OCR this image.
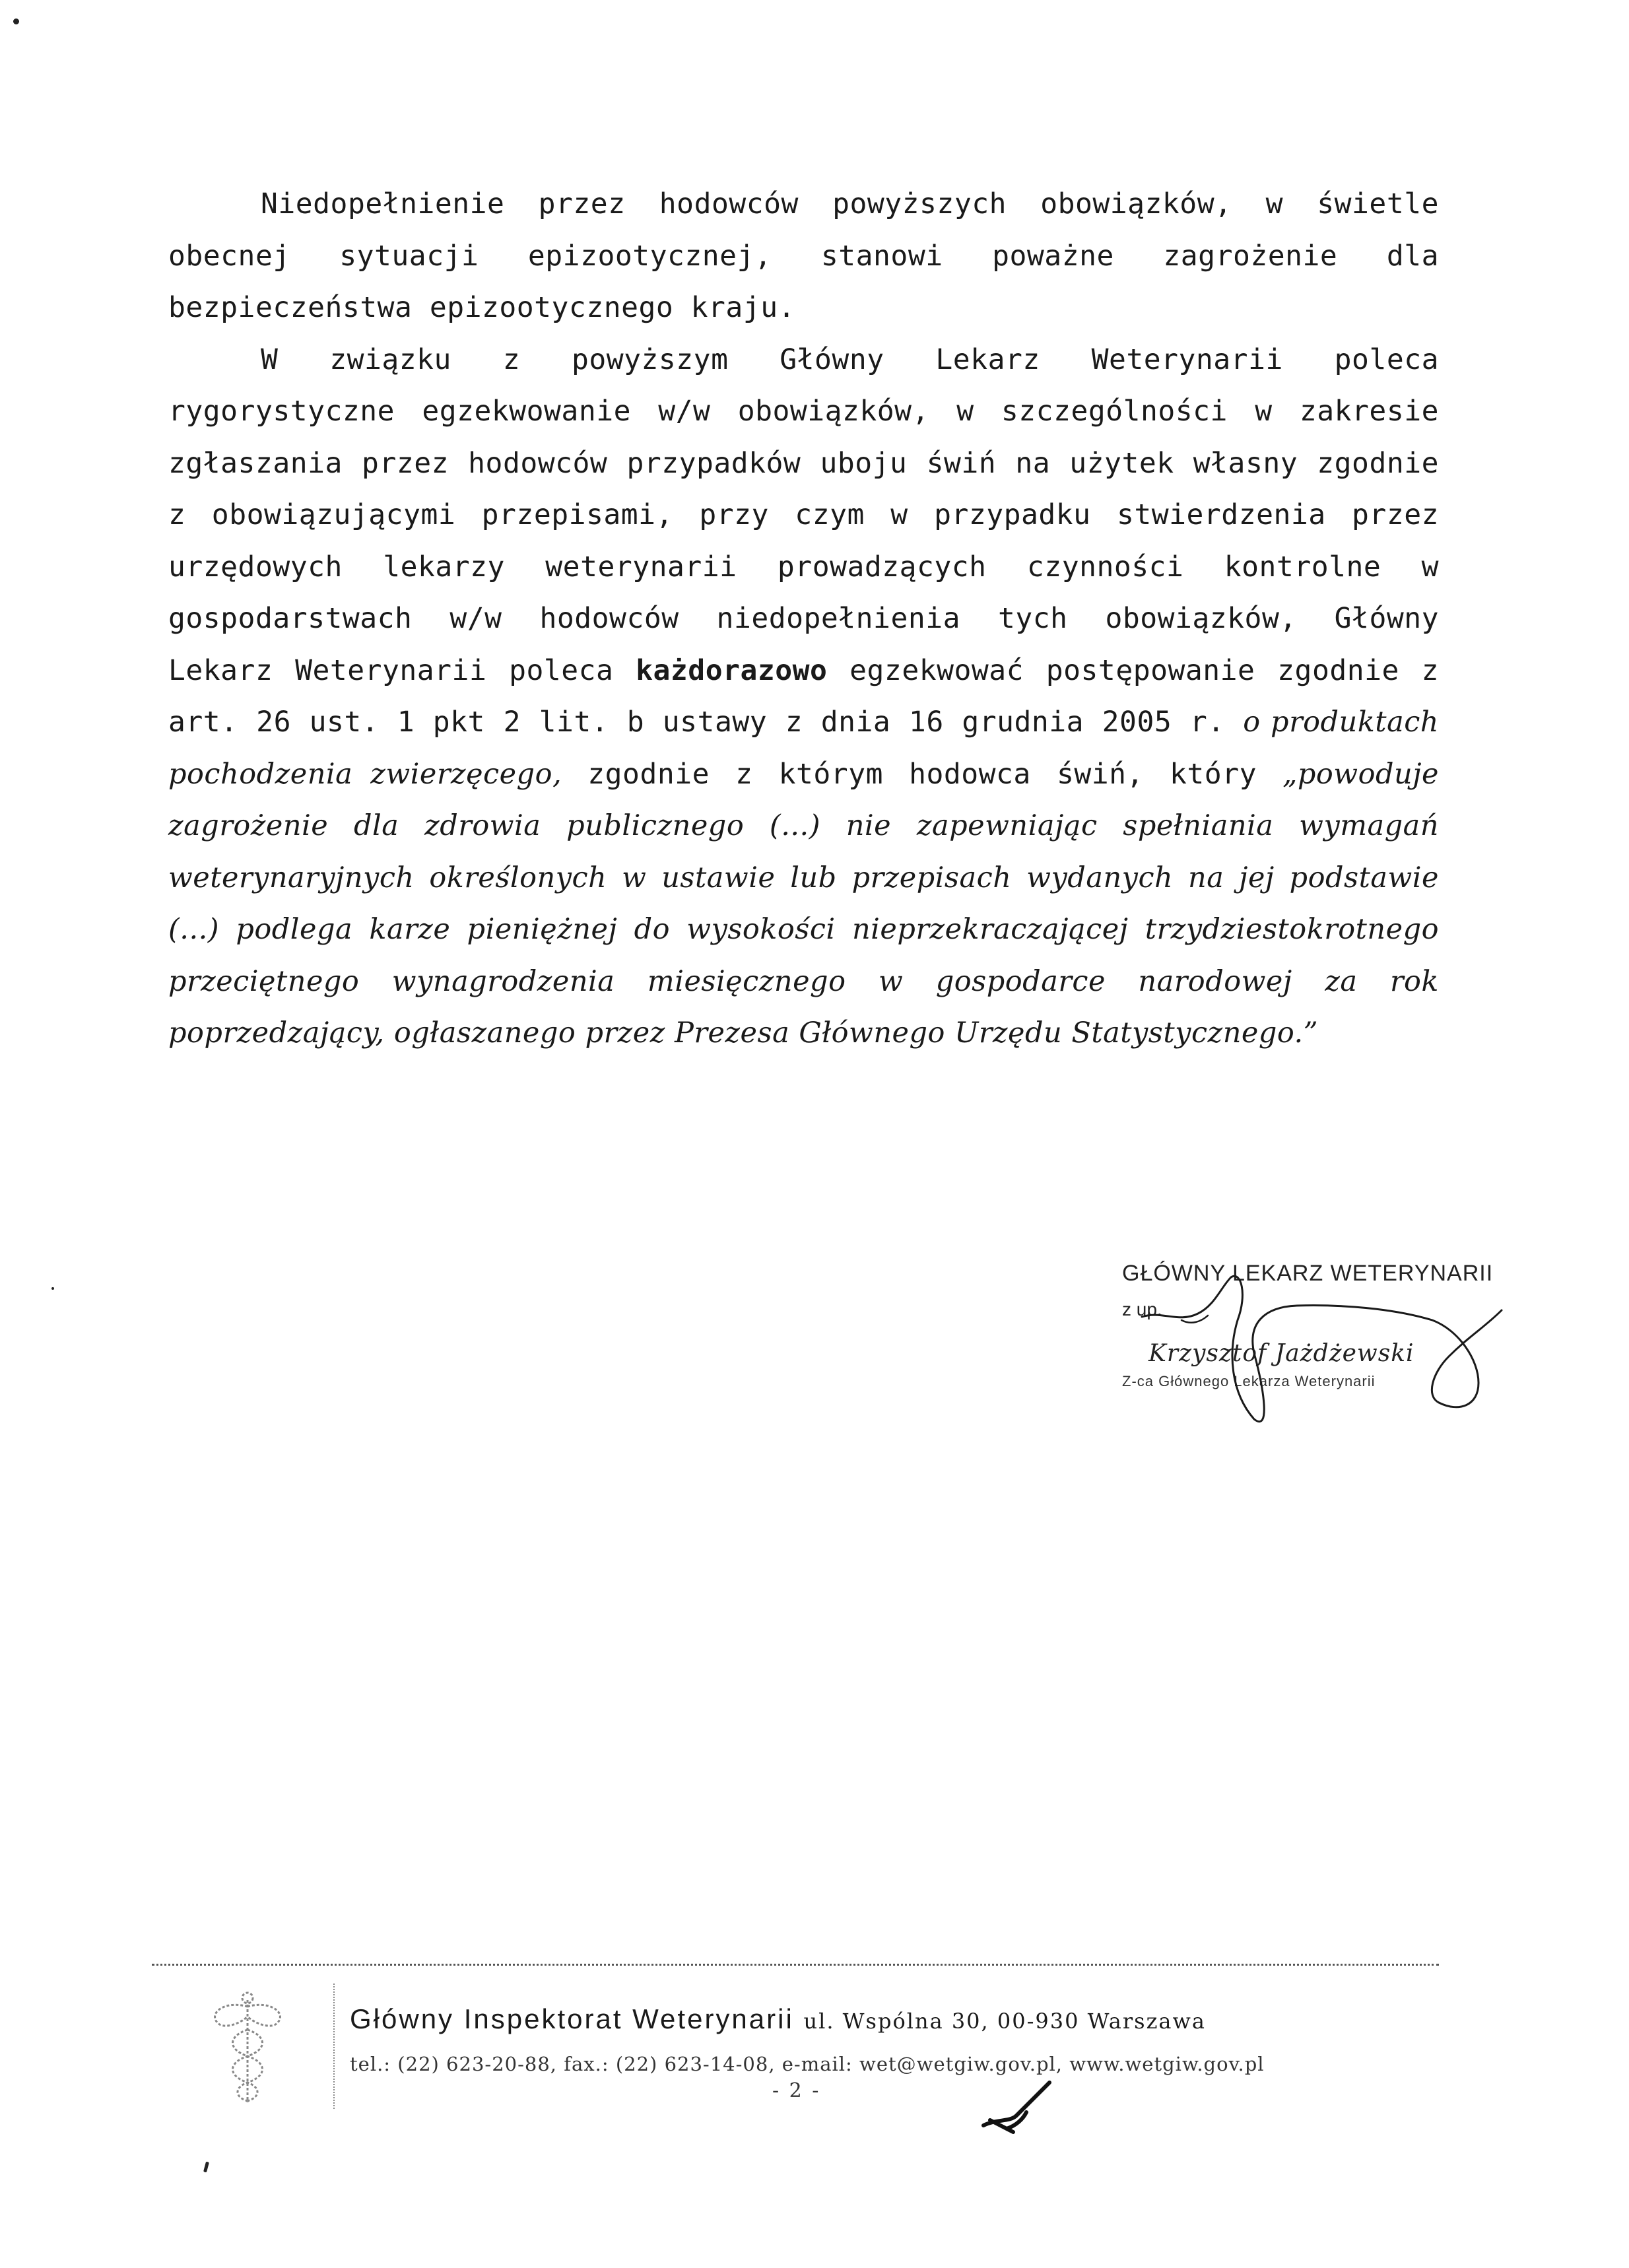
Niedopełnienie przez hodowców powyższych obowiązków, w świetle obecnej sytuacji epizootycznej, stanowi poważne zagrożenie dla bezpieczeństwa epizootycznego kraju.

W związku z powyższym Główny Lekarz Weterynarii poleca rygorystyczne egzekwowanie w/w obowiązków, w szczególności w zakresie zgłaszania przez hodowców przypadków uboju świń na użytek własny zgodnie z obowiązującymi przepisami, przy czym w przypadku stwierdzenia przez urzędowych lekarzy weterynarii prowadzących czynności kontrolne w gospodarstwach w/w hodowców niedopełnienia tych obowiązków, Główny Lekarz Weterynarii poleca każdorazowo egzekwować postępowanie zgodnie z art. 26 ust. 1 pkt 2 lit. b ustawy z dnia 16 grudnia 2005 r. o produktach pochodzenia zwierzęcego, zgodnie z którym hodowca świń, który „powoduje zagrożenie dla zdrowia publicznego (...) nie zapewniając spełniania wymagań weterynaryjnych określonych w ustawie lub przepisach wydanych na jej podstawie (...) podlega karze pieniężnej do wysokości nieprzekraczającej trzydziestokrotnego przeciętnego wynagrodzenia miesięcznego w gospodarce narodowej za rok poprzedzający, ogłaszanego przez Prezesa Głównego Urzędu Statystycznego.”

GŁÓWNY LEKARZ WETERYNARII
z up.
Krzysztof Jażdżewski
Z-ca Głównego Lekarza Weterynarii
Główny Inspektorat Weterynarii ul. Wspólna 30, 00-930 Warszawa
tel.: (22) 623-20-88, fax.: (22) 623-14-08, e-mail: wet@wetgiw.gov.pl, www.wetgiw.gov.pl
- 2 -
